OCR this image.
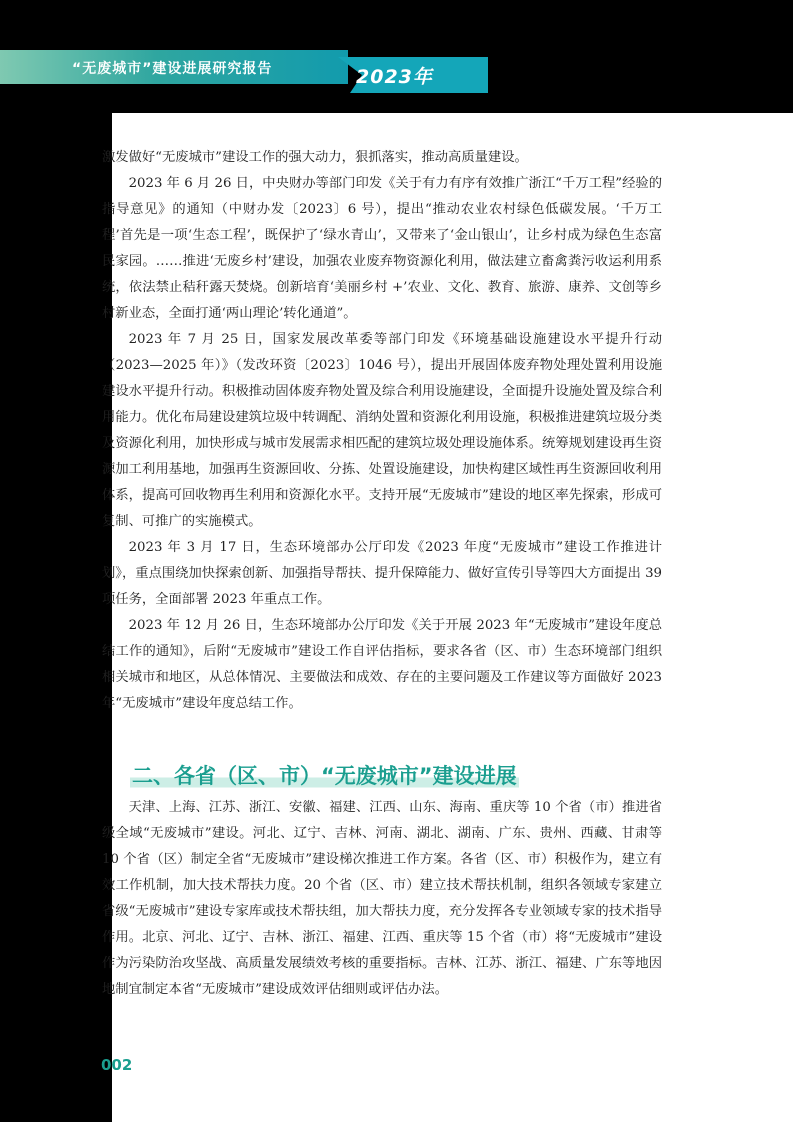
“无废城市”建设进展研究报告	2023年

激发做好“无废城市”建设工作的强大动力，狠抓落实，推动高质量建设。

2023 年 6 月 26 日，中央财办等部门印发《关于有力有序有效推广浙江“千万工程”经验的指导意见》的通知（中财办发〔2023〕6 号），提出“推动农业农村绿色低碳发展。‘千万工程’首先是一项‘生态工程’，既保护了‘绿水青山’，又带来了‘金山银山’，让乡村成为绿色生态富民家园。……推进‘无废乡村’建设，加强农业废弃物资源化利用，做法建立畜禽粪污收运利用系统，依法禁止秸秆露天焚烧。创新培育‘美丽乡村 +’农业、文化、教育、旅游、康养、文创等乡村新业态，全面打通‘两山理论’转化通道”。

2023 年 7 月 25 日，国家发展改革委等部门印发《环境基础设施建设水平提升行动（2023—2025 年）》（发改环资〔2023〕1046 号），提出开展固体废弃物处理处置利用设施建设水平提升行动。积极推动固体废弃物处置及综合利用设施建设，全面提升设施处置及综合利用能力。优化布局建设建筑垃圾中转调配、消纳处置和资源化利用设施，积极推进建筑垃圾分类及资源化利用，加快形成与城市发展需求相匹配的建筑垃圾处理设施体系。统筹规划建设再生资源加工利用基地，加强再生资源回收、分拣、处置设施建设，加快构建区域性再生资源回收利用体系，提高可回收物再生利用和资源化水平。支持开展“无废城市”建设的地区率先探索，形成可复制、可推广的实施模式。

2023 年 3 月 17 日，生态环境部办公厅印发《2023 年度“无废城市”建设工作推进计划》，重点围绕加快探索创新、加强指导帮扶、提升保障能力、做好宣传引导等四大方面提出 39 项任务，全面部署 2023 年重点工作。

2023 年 12 月 26 日，生态环境部办公厅印发《关于开展 2023 年“无废城市”建设年度总结工作的通知》，后附“无废城市”建设工作自评估指标，要求各省（区、市）生态环境部门组织相关城市和地区，从总体情况、主要做法和成效、存在的主要问题及工作建议等方面做好 2023 年“无废城市”建设年度总结工作。

二、各省（区、市）“无废城市”建设进展

天津、上海、江苏、浙江、安徽、福建、江西、山东、海南、重庆等 10 个省（市）推进省级全域“无废城市”建设。河北、辽宁、吉林、河南、湖北、湖南、广东、贵州、西藏、甘肃等 10 个省（区）制定全省“无废城市”建设梯次推进工作方案。各省（区、市）积极作为，建立有效工作机制，加大技术帮扶力度。20 个省（区、市）建立技术帮扶机制，组织各领域专家建立省级“无废城市”建设专家库或技术帮扶组，加大帮扶力度，充分发挥各专业领域专家的技术指导作用。北京、河北、辽宁、吉林、浙江、福建、江西、重庆等 15 个省（市）将“无废城市”建设作为污染防治攻坚战、高质量发展绩效考核的重要指标。吉林、江苏、浙江、福建、广东等地因地制宜制定本省“无废城市”建设成效评估细则或评估办法。

002
